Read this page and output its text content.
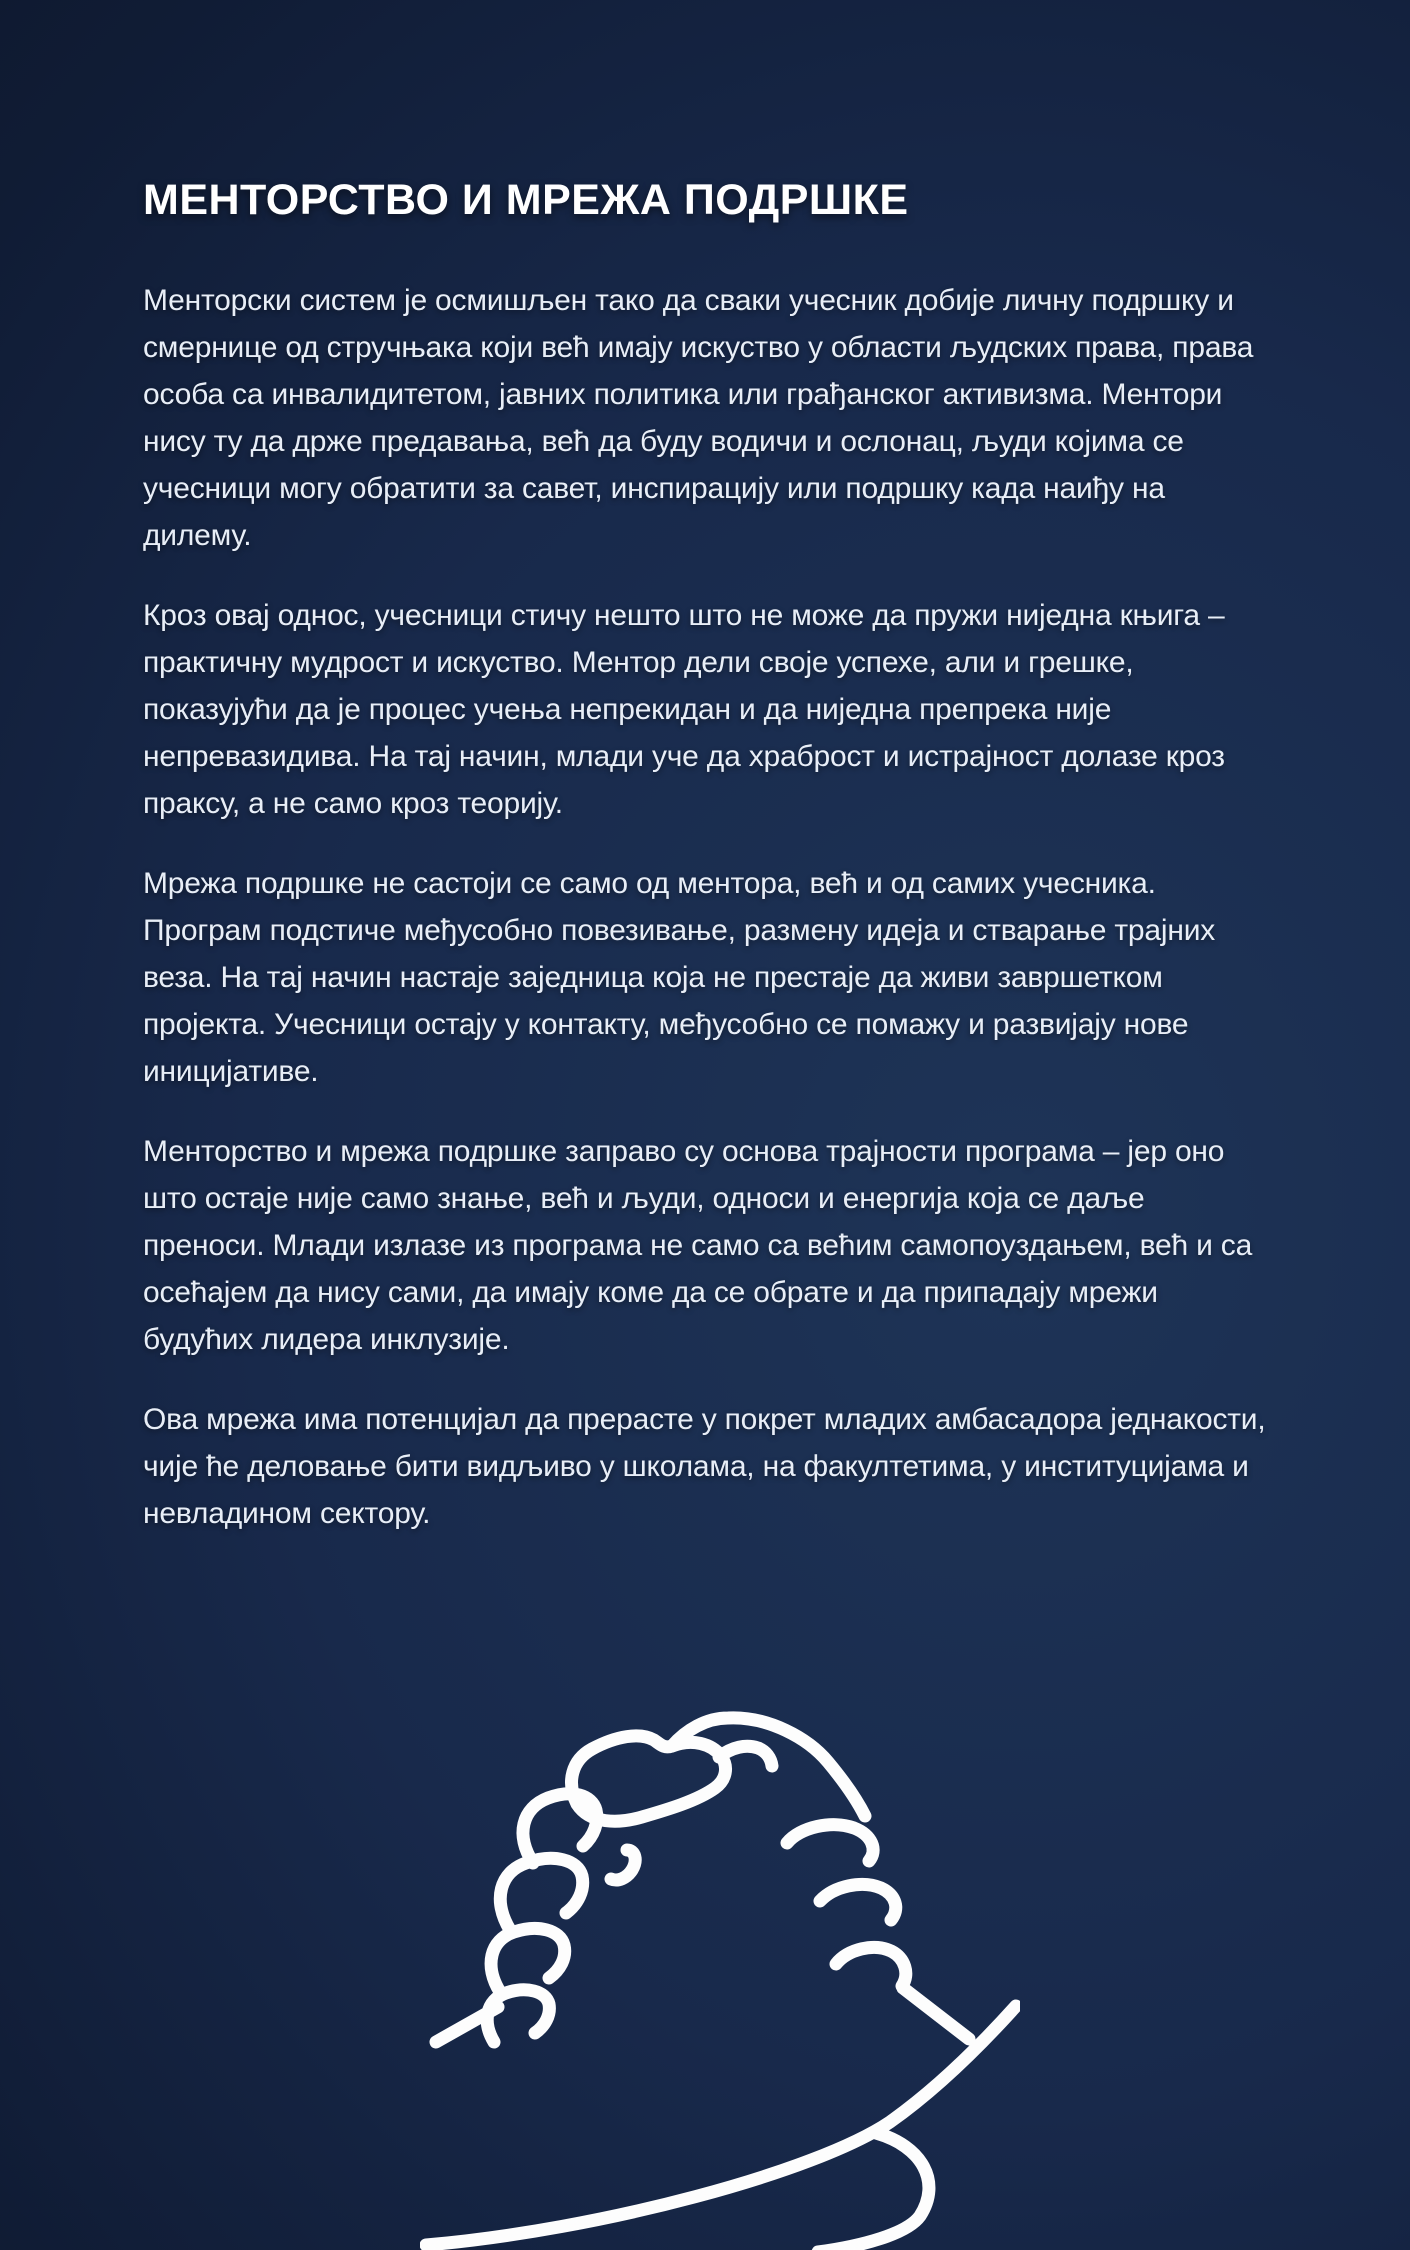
МЕНТОРСТВО И МРЕЖА ПОДРШКЕ

Менторски систем је осмишљен тако да сваки учесник добије личну подршку и смернице од стручњака који већ имају искуство у области људских права, права особа са инвалидитетом, јавних политика или грађанског активизма. Ментори нису ту да држе предавања, већ да буду водичи и ослонац, људи којима се учесници могу обратити за савет, инспирацију или подршку када наиђу на дилему.

Кроз овај однос, учесници стичу нешто што не може да пружи ниједна књига – практичну мудрост и искуство. Ментор дели своје успехе, али и грешке, показујући да је процес учења непрекидан и да ниједна препрека није непревазидива. На тај начин, млади уче да храброст и истрајност долазе кроз праксу, а не само кроз теорију.

Мрежа подршке не састоји се само од ментора, већ и од самих учесника. Програм подстиче међусобно повезивање, размену идеја и стварање трајних веза. На тај начин настаје заједница која не престаје да живи завршетком пројекта. Учесници остају у контакту, међусобно се помажу и развијају нове иницијативе.

Менторство и мрежа подршке заправо су основа трајности програма – јер оно што остаје није само знање, већ и људи, односи и енергија која се даље преноси. Млади излазе из програма не само са већим самопоуздањем, већ и са осећајем да нису сами, да имају коме да се обрате и да припадају мрежи будућих лидера инклузије.

Ова мрежа има потенцијал да прерасте у покрет младих амбасадора једнакости, чије ће деловање бити видљиво у школама, на факултетима, у институцијама и невладином сектору.
